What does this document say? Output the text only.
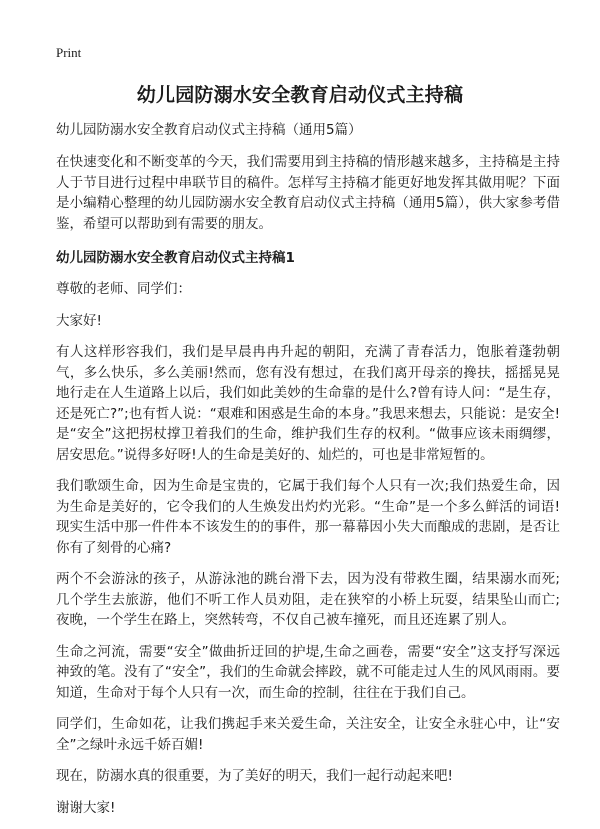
Print
幼儿园防溺水安全教育启动仪式主持稿

幼儿园防溺水安全教育启动仪式主持稿（通用5篇）

在快速变化和不断变革的今天，我们需要用到主持稿的情形越来越多，主持稿是主持人于节目进行过程中串联节目的稿件。怎样写主持稿才能更好地发挥其做用呢？下面是小编精心整理的幼儿园防溺水安全教育启动仪式主持稿（通用5篇），供大家参考借鉴，希望可以帮助到有需要的朋友。

幼儿园防溺水安全教育启动仪式主持稿1

尊敬的老师、同学们：

大家好!

有人这样形容我们，我们是早晨冉冉升起的朝阳，充满了青春活力，饱胀着蓬勃朝气，多么快乐，多么美丽!然而，您有没有想过，在我们离开母亲的搀扶，摇摇晃晃地行走在人生道路上以后，我们如此美妙的生命靠的是什么?曾有诗人问：“是生存，还是死亡?”;也有哲人说：“艰难和困惑是生命的本身。”我思来想去，只能说：是安全!是“安全”这把拐杖撑卫着我们的生命，维护我们生存的权利。“做事应该未雨绸缪，居安思危。”说得多好呀!人的生命是美好的、灿烂的，可也是非常短暂的。

我们歌颂生命，因为生命是宝贵的，它属于我们每个人只有一次;我们热爱生命，因为生命是美好的，它令我们的人生焕发出灼灼光彩。“生命”是一个多么鲜活的词语!现实生活中那一件件本不该发生的的事件，那一幕幕因小失大而酿成的悲剧，是否让你有了刻骨的心痛?

两个不会游泳的孩子，从游泳池的跳台滑下去，因为没有带救生圈，结果溺水而死;几个学生去旅游，他们不听工作人员劝阻，走在狭窄的小桥上玩耍，结果坠山而亡;夜晚，一个学生在路上，突然转弯，不仅自己被车撞死，而且还连累了别人。

生命之河流，需要“安全”做曲折迂回的护堤,生命之画卷，需要“安全”这支抒写深远神致的笔。没有了“安全”，我们的生命就会摔跤，就不可能走过人生的风风雨雨。要知道，生命对于每个人只有一次，而生命的控制，往往在于我们自己。

同学们，生命如花，让我们携起手来关爱生命，关注安全，让安全永驻心中，让“安全”之绿叶永远千娇百媚!

现在，防溺水真的很重要，为了美好的明天，我们一起行动起来吧!

谢谢大家!
